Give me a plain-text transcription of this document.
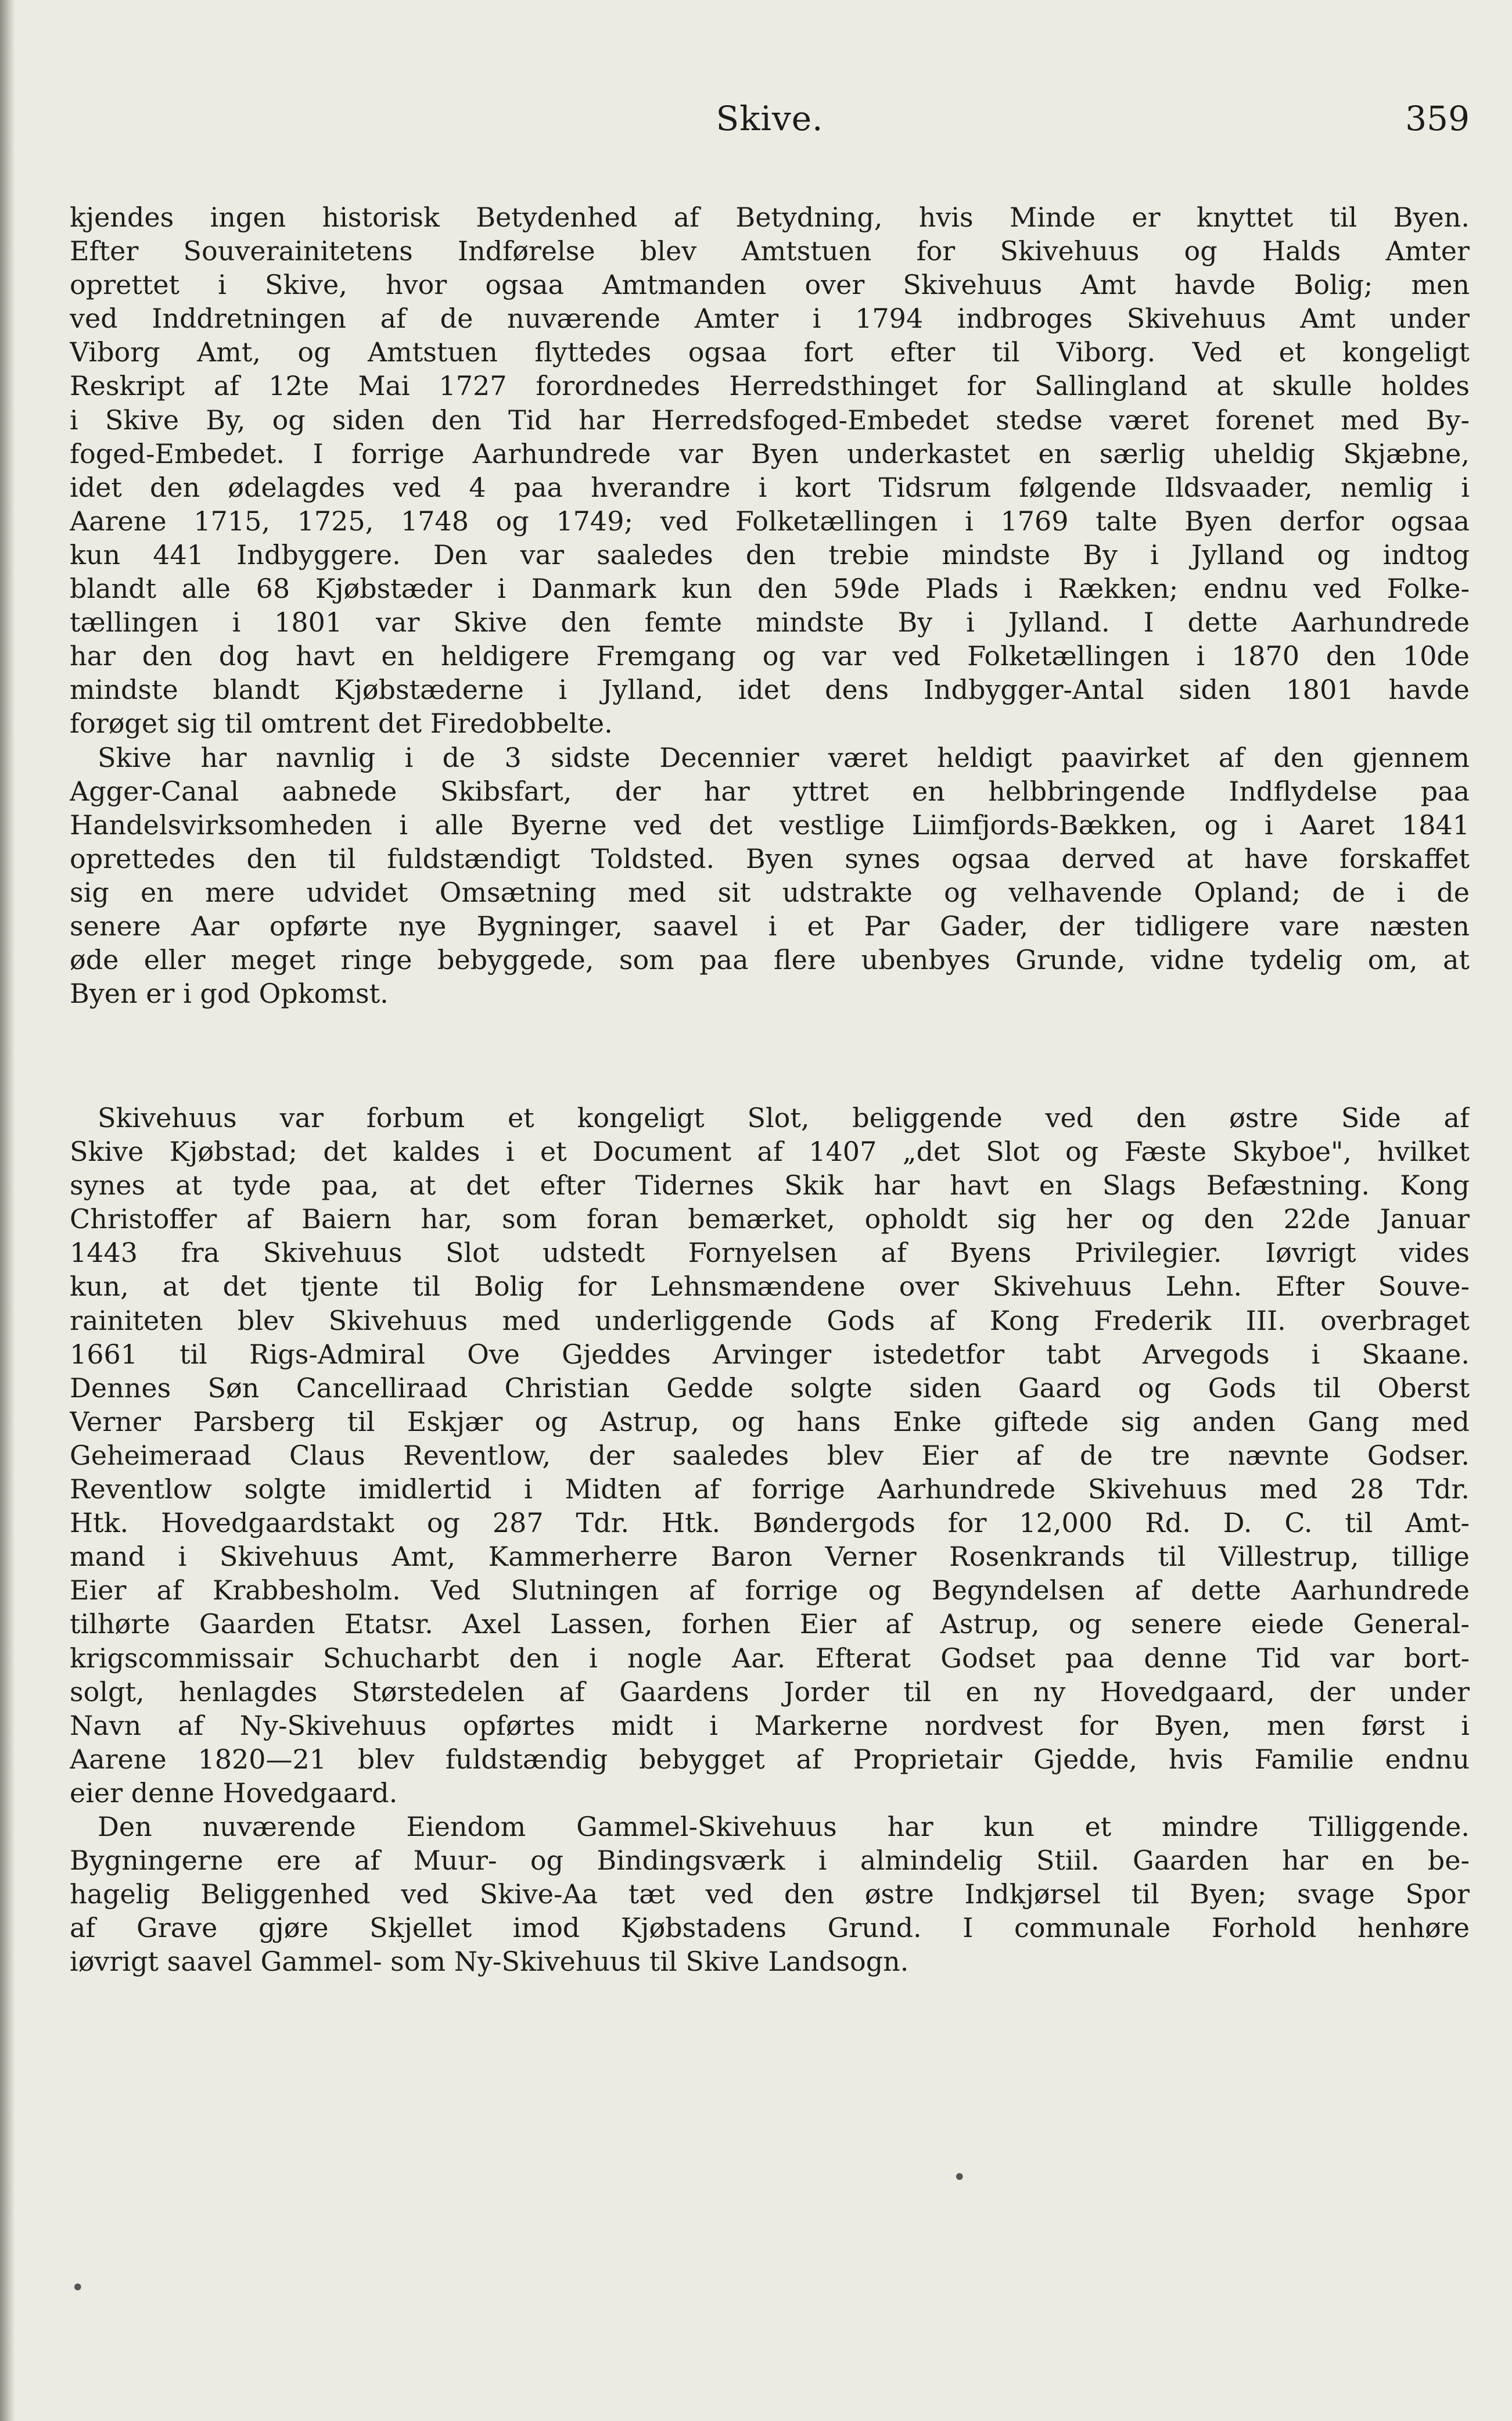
Skive.	359
kjendes ingen historisk Betydenhed af Betydning, hvis Minde er knyttet til Byen.
Efter Souverainitetens Indførelse blev Amtstuen for Skivehuus og Halds Amter
oprettet i Skive, hvor ogsaa Amtmanden over Skivehuus Amt havde Bolig; men
ved Inddretningen af de nuværende Amter i 1794 indbroges Skivehuus Amt under
Viborg Amt, og Amtstuen flyttedes ogsaa fort efter til Viborg. Ved et kongeligt
Reskript af 12te Mai 1727 forordnedes Herredsthinget for Sallingland at skulle holdes
i Skive By, og siden den Tid har Herredsfoged-Embedet stedse været forenet med By-
foged-Embedet. I forrige Aarhundrede var Byen underkastet en særlig uheldig Skjæbne,
idet den ødelagdes ved 4 paa hverandre i kort Tidsrum følgende Ildsvaader, nemlig i
Aarene 1715, 1725, 1748 og 1749; ved Folketællingen i 1769 talte Byen derfor ogsaa
kun 441 Indbyggere. Den var saaledes den trebie mindste By i Jylland og indtog
blandt alle 68 Kjøbstæder i Danmark kun den 59de Plads i Rækken; endnu ved Folke-
tællingen i 1801 var Skive den femte mindste By i Jylland. I dette Aarhundrede
har den dog havt en heldigere Fremgang og var ved Folketællingen i 1870 den 10de
mindste blandt Kjøbstæderne i Jylland, idet dens Indbygger-Antal siden 1801 havde
forøget sig til omtrent det Firedobbelte.
Skive har navnlig i de 3 sidste Decennier været heldigt paavirket af den gjennem
Agger-Canal aabnede Skibsfart, der har yttret en helbbringende Indflydelse paa
Handelsvirksomheden i alle Byerne ved det vestlige Liimfjords-Bækken, og i Aaret 1841
oprettedes den til fuldstændigt Toldsted. Byen synes ogsaa derved at have forskaffet
sig en mere udvidet Omsætning med sit udstrakte og velhavende Opland; de i de
senere Aar opførte nye Bygninger, saavel i et Par Gader, der tidligere vare næsten
øde eller meget ringe bebyggede, som paa flere ubenbyes Grunde, vidne tydelig om, at
Byen er i god Opkomst.
Skivehuus var forbum et kongeligt Slot, beliggende ved den østre Side af
Skive Kjøbstad; det kaldes i et Document af 1407 „det Slot og Fæste Skyboe", hvilket
synes at tyde paa, at det efter Tidernes Skik har havt en Slags Befæstning. Kong
Christoffer af Baiern har, som foran bemærket, opholdt sig her og den 22de Januar
1443 fra Skivehuus Slot udstedt Fornyelsen af Byens Privilegier. Iøvrigt vides
kun, at det tjente til Bolig for Lehnsmændene over Skivehuus Lehn. Efter Souve-
rainiteten blev Skivehuus med underliggende Gods af Kong Frederik III. overbraget
1661 til Rigs-Admiral Ove Gjeddes Arvinger istedetfor tabt Arvegods i Skaane.
Dennes Søn Cancelliraad Christian Gedde solgte siden Gaard og Gods til Oberst
Verner Parsberg til Eskjær og Astrup, og hans Enke giftede sig anden Gang med
Geheimeraad Claus Reventlow, der saaledes blev Eier af de tre nævnte Godser.
Reventlow solgte imidlertid i Midten af forrige Aarhundrede Skivehuus med 28 Tdr.
Htk. Hovedgaardstakt og 287 Tdr. Htk. Bøndergods for 12,000 Rd. D. C. til Amt-
mand i Skivehuus Amt, Kammerherre Baron Verner Rosenkrands til Villestrup, tillige
Eier af Krabbesholm. Ved Slutningen af forrige og Begyndelsen af dette Aarhundrede
tilhørte Gaarden Etatsr. Axel Lassen, forhen Eier af Astrup, og senere eiede General-
krigscommissair Schucharbt den i nogle Aar. Efterat Godset paa denne Tid var bort-
solgt, henlagdes Størstedelen af Gaardens Jorder til en ny Hovedgaard, der under
Navn af Ny-Skivehuus opførtes midt i Markerne nordvest for Byen, men først i
Aarene 1820—21 blev fuldstændig bebygget af Proprietair Gjedde, hvis Familie endnu
eier denne Hovedgaard.
Den nuværende Eiendom Gammel-Skivehuus har kun et mindre Tilliggende.
Bygningerne ere af Muur- og Bindingsværk i almindelig Stiil. Gaarden har en be-
hagelig Beliggenhed ved Skive-Aa tæt ved den østre Indkjørsel til Byen; svage Spor
af Grave gjøre Skjellet imod Kjøbstadens Grund. I communale Forhold henhøre
iøvrigt saavel Gammel- som Ny-Skivehuus til Skive Landsogn.
•
•
